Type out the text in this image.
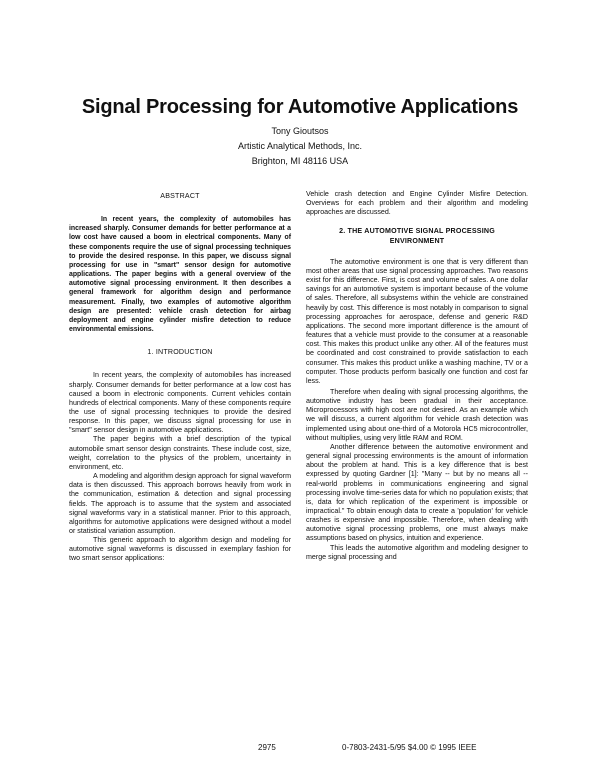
Signal Processing for Automotive Applications
Tony Gioutsos
Artistic Analytical Methods, Inc.
Brighton, MI 48116 USA
ABSTRACT

In recent years, the complexity of automobiles has increased sharply. Consumer demands for better performance at a low cost have caused a boom in electrical components. Many of these components require the use of signal processing techniques to provide the desired response. In this paper, we discuss signal processing for use in "smart" sensor design for automotive applications. The paper begins with a general overview of the automotive signal processing environment. It then describes a general framework for algorithm design and performance measurement. Finally, two examples of automotive algorithm design are presented: vehicle crash detection for airbag deployment and engine cylinder misfire detection to reduce environmental emissions.

1. INTRODUCTION

In recent years, the complexity of automobiles has increased sharply. Consumer demands for better performance at a low cost has caused a boom in electronic components. Current vehicles contain hundreds of electrical components. Many of these components require the use of signal processing techniques to provide the desired response. In this paper, we discuss signal processing for use in "smart" sensor design in automotive applications.

The paper begins with a brief description of the typical automobile smart sensor design constraints. These include cost, size, weight, correlation to the physics of the problem, uncertainty in environment, etc.

A modeling and algorithm design approach for signal waveform data is then discussed. This approach borrows heavily from work in the communication, estimation & detection and signal processing fields. The approach is to assume that the system and associated signal waveforms vary in a statistical manner. Prior to this approach, algorithms for automotive applications were designed without a model or statistical variation assumption.

This generic approach to algorithm design and modeling for automotive signal waveforms is discussed in exemplary fashion for two smart sensor applications:

Vehicle crash detection and Engine Cylinder Misfire Detection. Overviews for each problem and their algorithm and modeling approaches are discussed.

2. THE AUTOMOTIVE SIGNAL PROCESSING
ENVIRONMENT

The automotive environment is one that is very different than most other areas that use signal processing approaches. Two reasons exist for this difference. First, is cost and volume of sales. A one dollar savings for an automotive system is important because of the volume of sales. Therefore, all subsystems within the vehicle are constrained heavily by cost. This difference is most notably in comparison to signal processing approaches for aerospace, defense and generic R&D applications. The second more important difference is the amount of features that a vehicle must provide to the consumer at a reasonable cost. This makes this product unlike any other. All of the features must be coordinated and cost constrained to provide satisfaction to each consumer. This makes this product unlike a washing machine, TV or a computer. Those products perform basically one function and cost far less.

Therefore when dealing with signal processing algorithms, the automotive industry has been gradual in their acceptance. Microprocessors with high cost are not desired. As an example which we will discuss, a current algorithm for vehicle crash detection was implemented using about one-third of a Motorola HC5 microcontroller, without multiplies, using very little RAM and ROM.

Another difference between the automotive environment and general signal processing environments is the amount of information about the problem at hand. This is a key difference that is best expressed by quoting Gardner [1]: "Many -- but by no means all -- real-world problems in communications engineering and signal processing involve time-series data for which no population exists; that is, data for which replication of the experiment is impossible or impractical." To obtain enough data to create a 'population' for vehicle crashes is expensive and impossible. Therefore, when dealing with automotive signal processing problems, one must always make assumptions based on physics, intuition and experience.

This leads the automotive algorithm and modeling designer to merge signal processing and

2975	0-7803-2431-5/95 $4.00 © 1995 IEEE
